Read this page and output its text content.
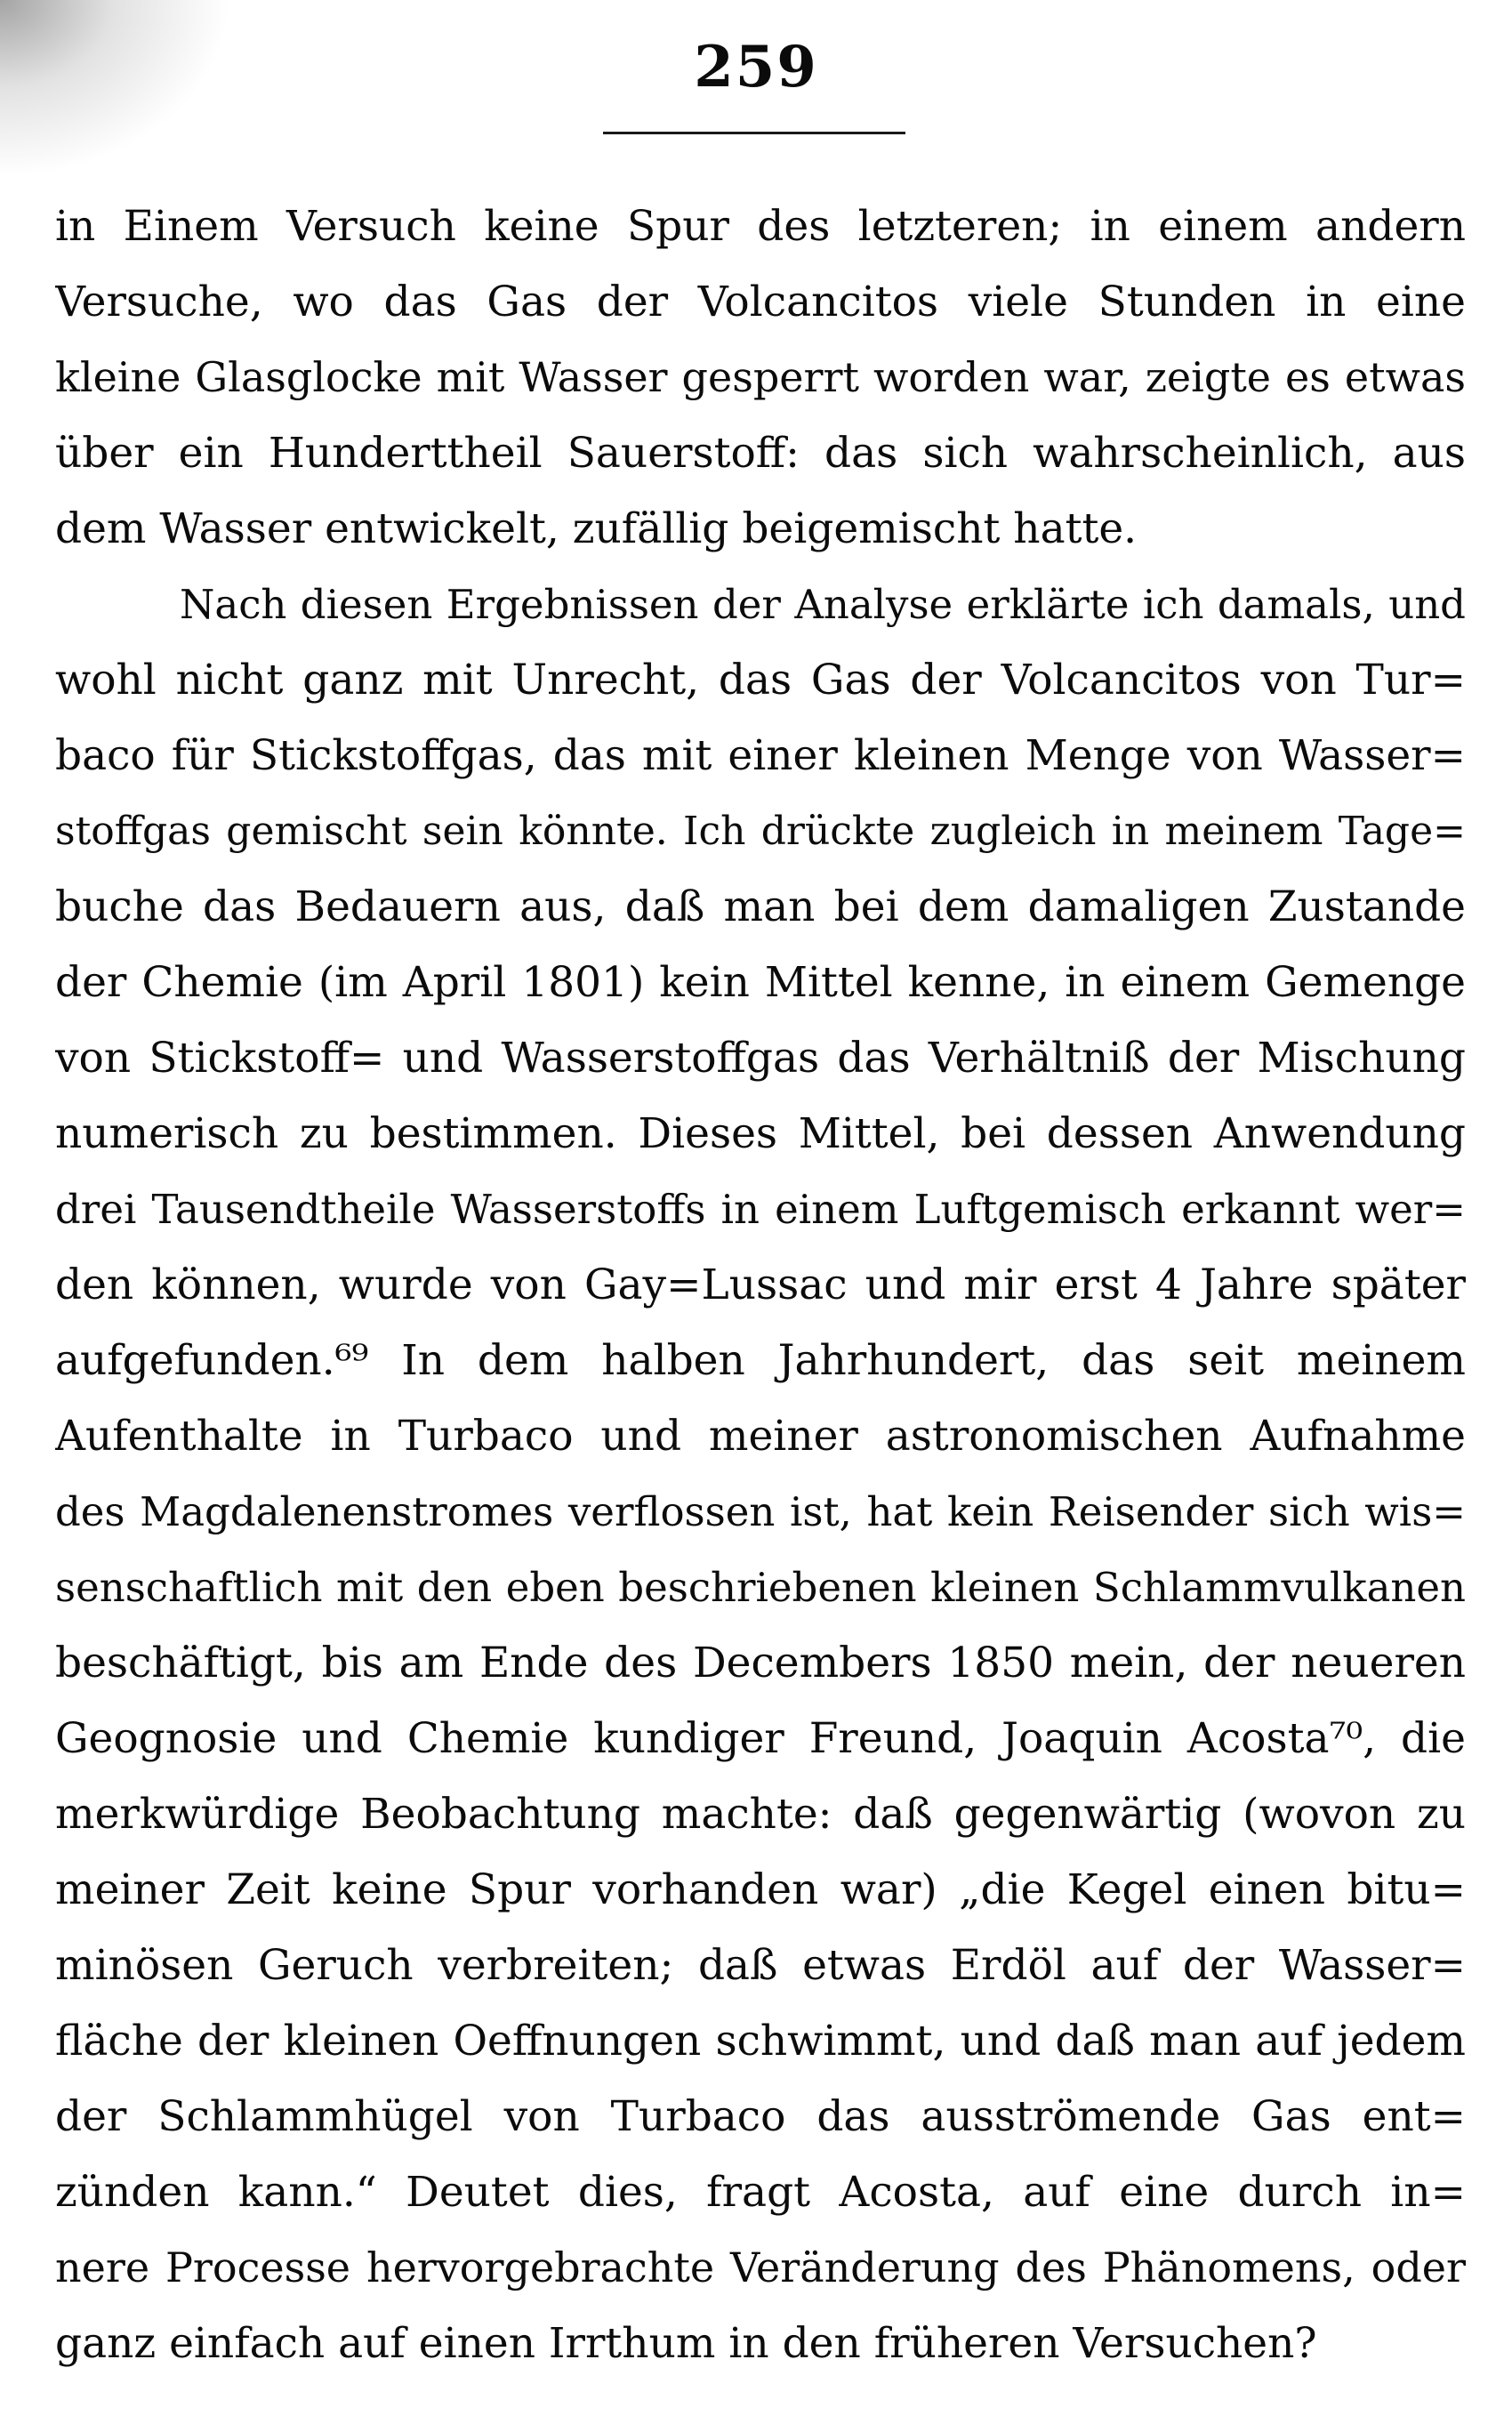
259
in Einem Versuch keine Spur des letzteren; in einem andern
Versuche, wo das Gas der Volcancitos viele Stunden in eine
kleine Glasglocke mit Wasser gesperrt worden war, zeigte es etwas
über ein Hunderttheil Sauerstoff: das sich wahrscheinlich, aus
dem Wasser entwickelt, zufällig beigemischt hatte.
Nach diesen Ergebnissen der Analyse erklärte ich damals, und
wohl nicht ganz mit Unrecht, das Gas der Volcancitos von Tur=
baco für Stickstoffgas, das mit einer kleinen Menge von Wasser=
stoffgas gemischt sein könnte. Ich drückte zugleich in meinem Tage=
buche das Bedauern aus, daß man bei dem damaligen Zustande
der Chemie (im April 1801) kein Mittel kenne, in einem Gemenge
von Stickstoff= und Wasserstoffgas das Verhältniß der Mischung
numerisch zu bestimmen. Dieses Mittel, bei dessen Anwendung
drei Tausendtheile Wasserstoffs in einem Luftgemisch erkannt wer=
den können, wurde von Gay=Lussac und mir erst 4 Jahre später
aufgefunden.⁶⁹ In dem halben Jahrhundert, das seit meinem
Aufenthalte in Turbaco und meiner astronomischen Aufnahme
des Magdalenenstromes verflossen ist, hat kein Reisender sich wis=
senschaftlich mit den eben beschriebenen kleinen Schlammvulkanen
beschäftigt, bis am Ende des Decembers 1850 mein, der neueren
Geognosie und Chemie kundiger Freund, Joaquin Acosta⁷⁰, die
merkwürdige Beobachtung machte: daß gegenwärtig (wovon zu
meiner Zeit keine Spur vorhanden war) „die Kegel einen bitu=
minösen Geruch verbreiten; daß etwas Erdöl auf der Wasser=
fläche der kleinen Oeffnungen schwimmt, und daß man auf jedem
der Schlammhügel von Turbaco das ausströmende Gas ent=
zünden kann.“ Deutet dies, fragt Acosta, auf eine durch in=
nere Processe hervorgebrachte Veränderung des Phänomens, oder
ganz einfach auf einen Irrthum in den früheren Versuchen?
